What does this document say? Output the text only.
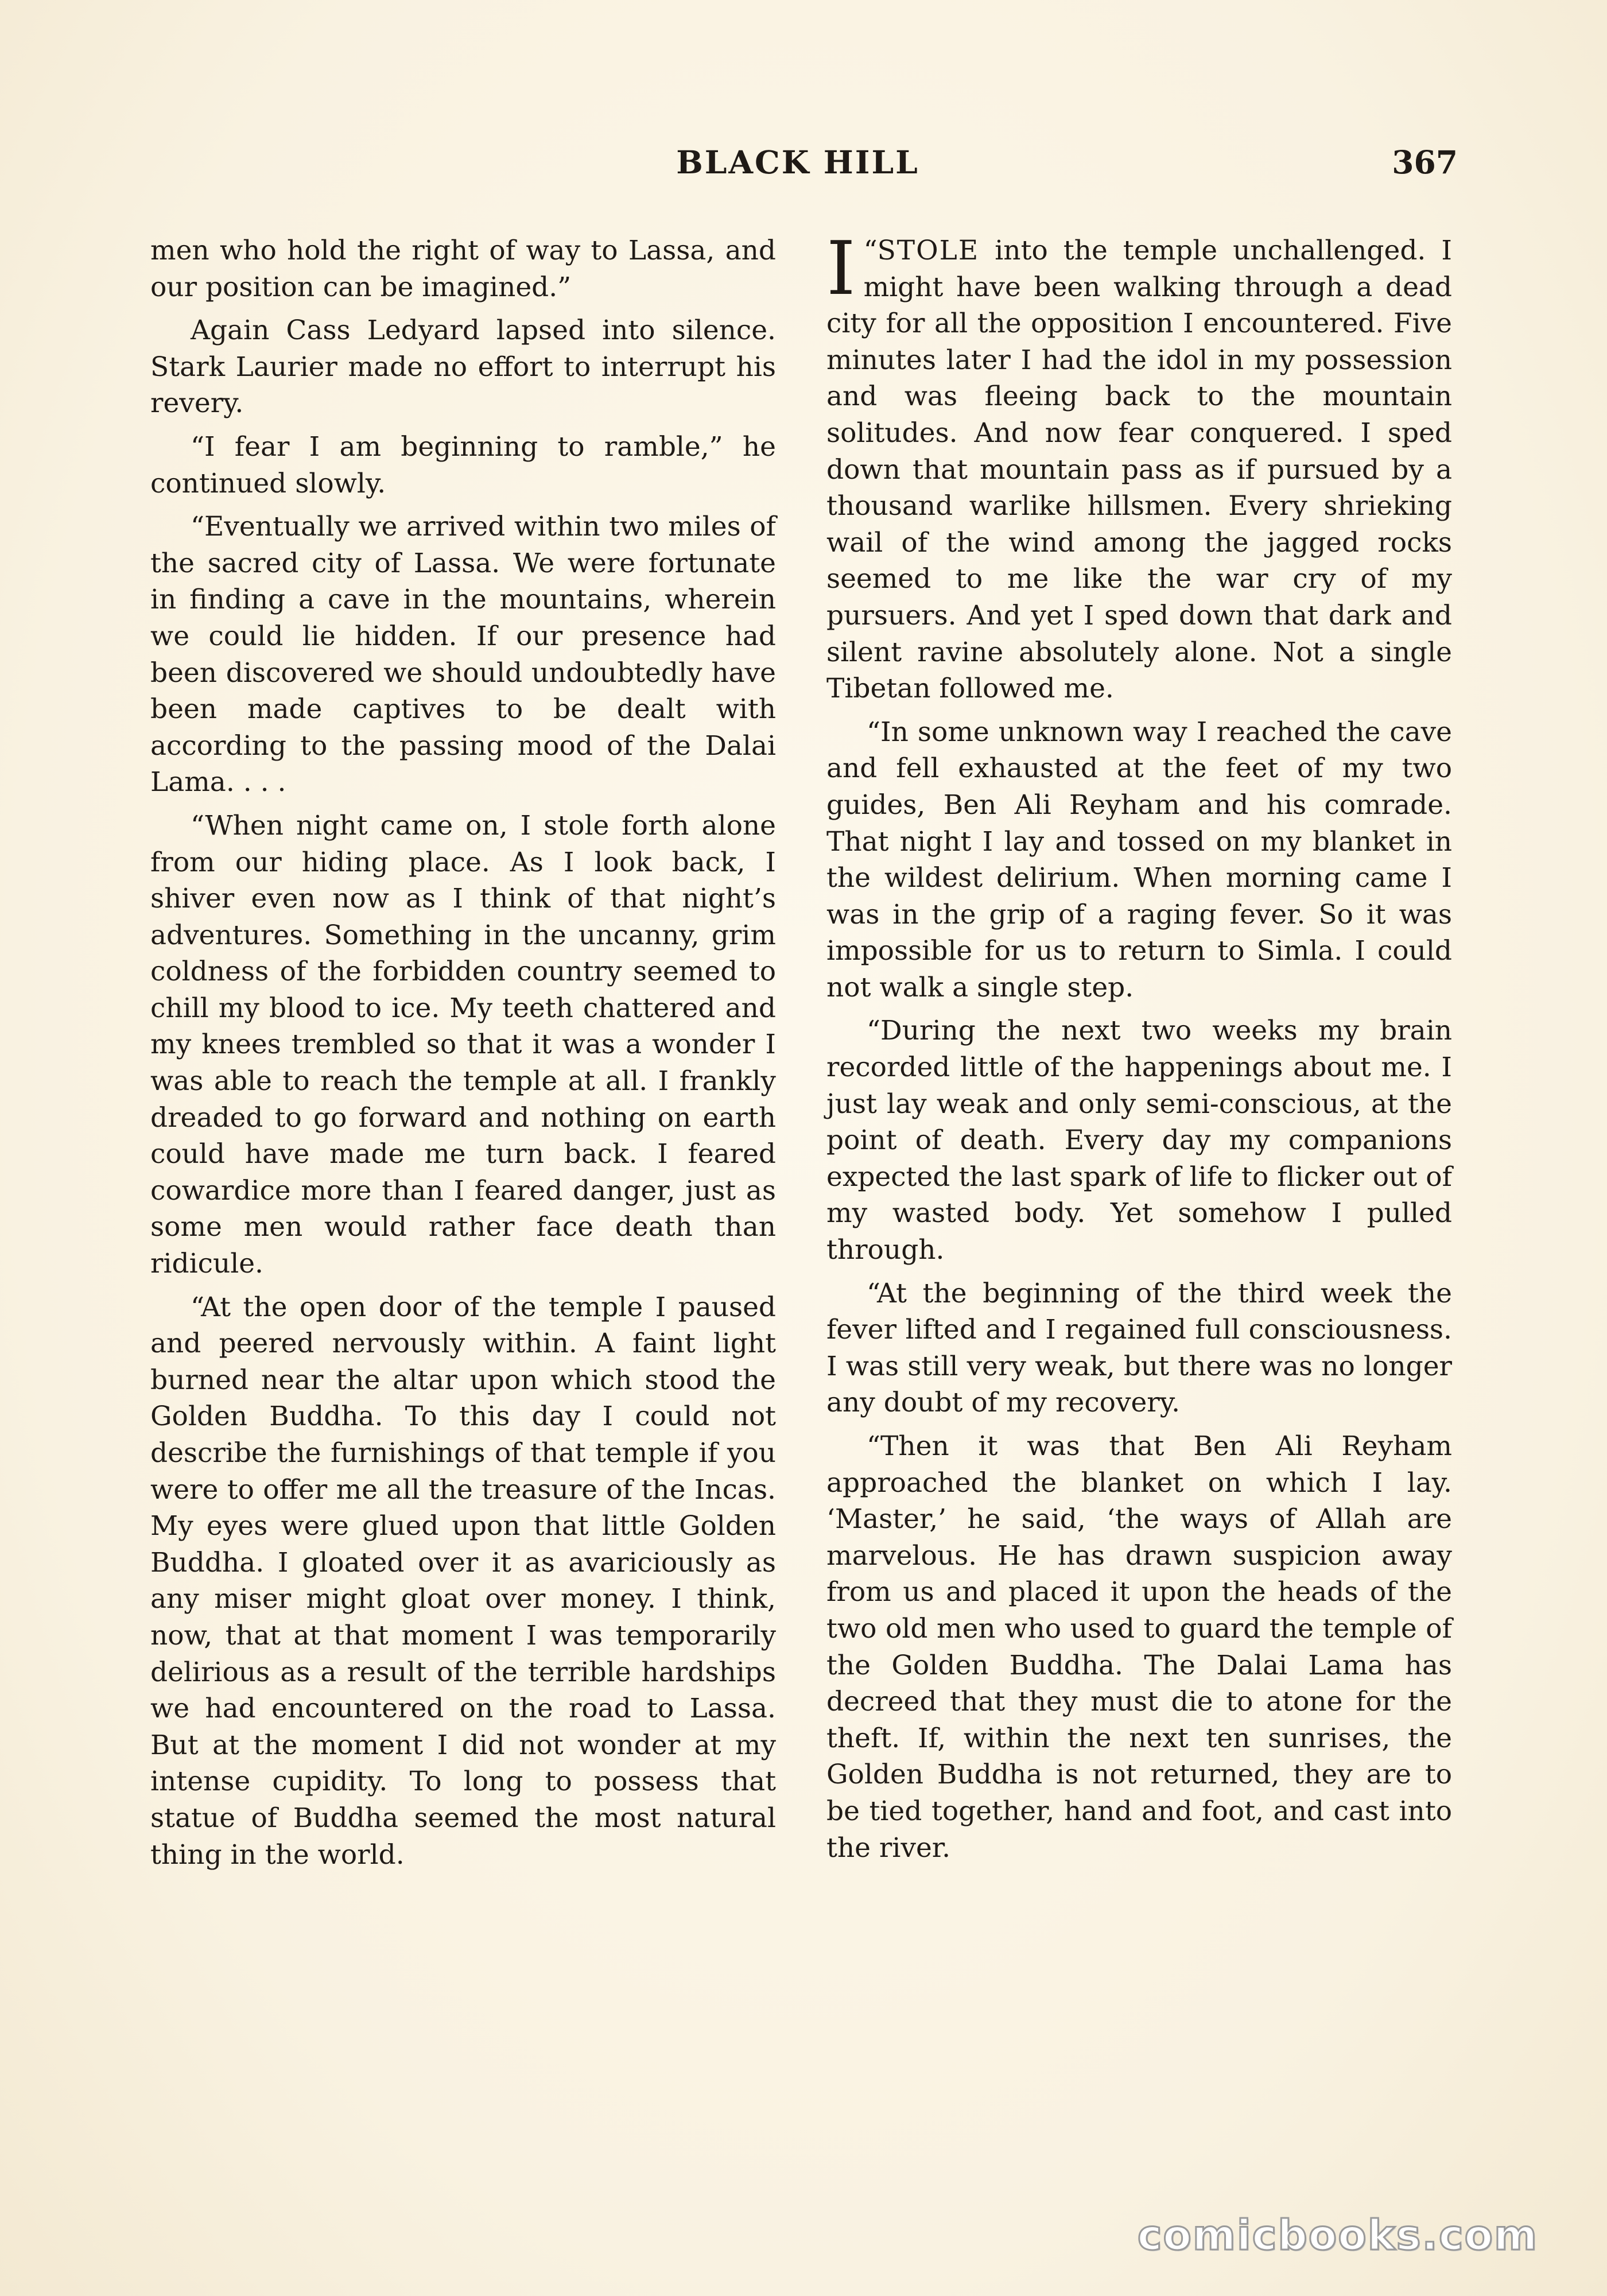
BLACK HILL	367

men who hold the right of way to Lassa, and our position can be imagined.”

Again Cass Ledyard lapsed into silence. Stark Laurier made no effort to interrupt his revery.

“I fear I am beginning to ramble,” he continued slowly.

“Eventually we arrived within two miles of the sacred city of Lassa. We were fortunate in finding a cave in the mountains, wherein we could lie hidden. If our presence had been discovered we should undoubtedly have been made captives to be dealt with according to the passing mood of the Dalai Lama. . . .

“When night came on, I stole forth alone from our hiding place. As I look back, I shiver even now as I think of that night’s adventures. Something in the uncanny, grim coldness of the forbidden country seemed to chill my blood to ice. My teeth chattered and my knees trembled so that it was a wonder I was able to reach the temple at all. I frankly dreaded to go forward and nothing on earth could have made me turn back. I feared cowardice more than I feared danger, just as some men would rather face death than ridicule.

“At the open door of the temple I paused and peered nervously within. A faint light burned near the altar upon which stood the Golden Buddha. To this day I could not describe the furnishings of that temple if you were to offer me all the treasure of the Incas. My eyes were glued upon that little Golden Buddha. I gloated over it as avariciously as any miser might gloat over money. I think, now, that at that moment I was temporarily delirious as a result of the terrible hardships we had encountered on the road to Lassa. But at the moment I did not wonder at my intense cupidity. To long to possess that statue of Buddha seemed the most natural thing in the world.

“
I STOLE into the temple unchallenged. I might have been walking through a dead city for all the opposition I encountered. Five minutes later I had the idol in my possession and was fleeing back to the mountain solitudes. And now fear conquered. I sped down that mountain pass as if pursued by a thousand warlike hillsmen. Every shrieking wail of the wind among the jagged rocks seemed to me like the war cry of my pursuers. And yet I sped down that dark and silent ravine absolutely alone. Not a single Tibetan followed me.

“In some unknown way I reached the cave and fell exhausted at the feet of my two guides, Ben Ali Reyham and his comrade. That night I lay and tossed on my blanket in the wildest delirium. When morning came I was in the grip of a raging fever. So it was impossible for us to return to Simla. I could not walk a single step.

“During the next two weeks my brain recorded little of the happenings about me. I just lay weak and only semi-conscious, at the point of death. Every day my companions expected the last spark of life to flicker out of my wasted body. Yet somehow I pulled through.

“At the beginning of the third week the fever lifted and I regained full consciousness. I was still very weak, but there was no longer any doubt of my recovery.

“Then it was that Ben Ali Reyham approached the blanket on which I lay. ‘Master,’ he said, ‘the ways of Allah are marvelous. He has drawn suspicion away from us and placed it upon the heads of the two old men who used to guard the temple of the Golden Buddha. The Dalai Lama has decreed that they must die to atone for the theft. If, within the next ten sunrises, the Golden Buddha is not returned, they are to be tied together, hand and foot, and cast into the river.

comicbooks.com
